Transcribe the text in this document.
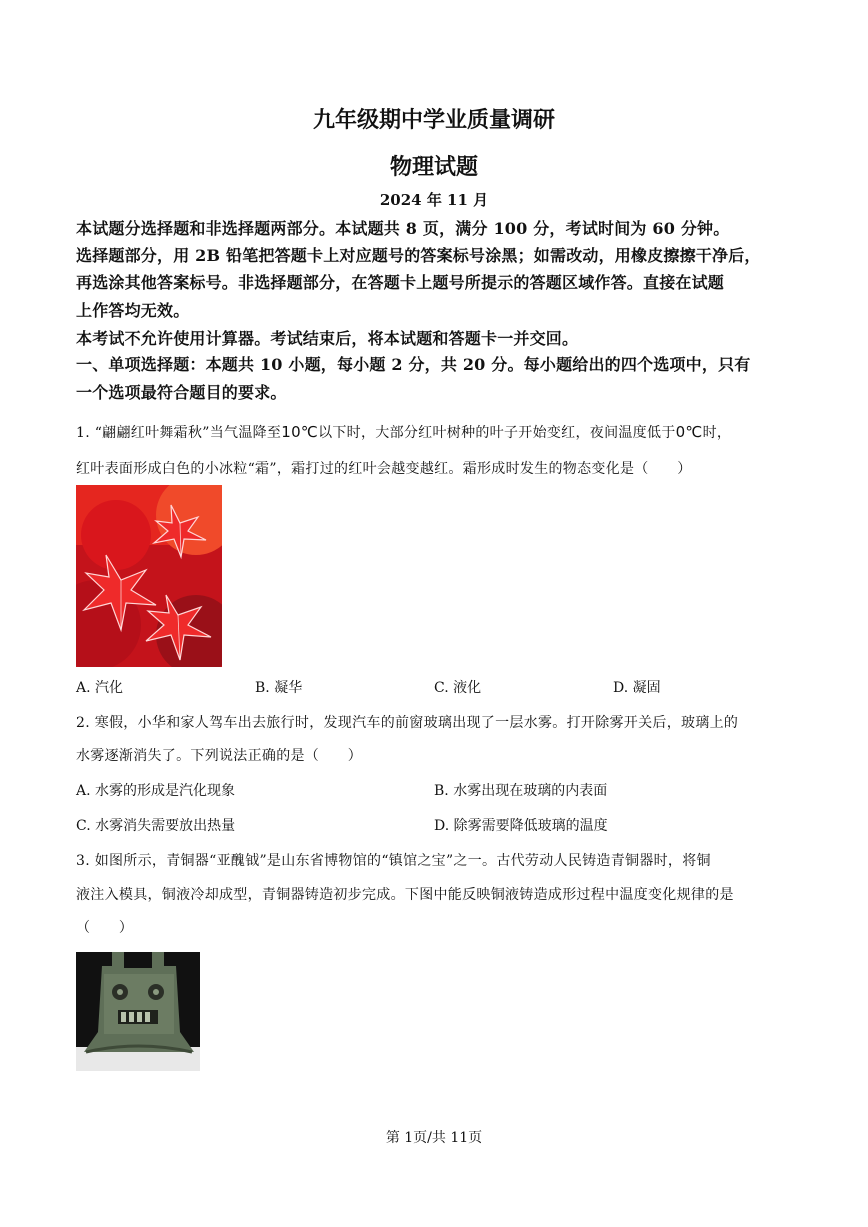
九年级期中学业质量调研
物理试题
2024 年 11 月
本试题分选择题和非选择题两部分。本试题共 8 页，满分 100 分，考试时间为 60 分钟。
选择题部分，用 2B 铅笔把答题卡上对应题号的答案标号涂黑；如需改动，用橡皮擦擦干净后，
再选涂其他答案标号。非选择题部分，在答题卡上题号所提示的答题区域作答。直接在试题
上作答均无效。
本考试不允许使用计算器。考试结束后，将本试题和答题卡一并交回。
一、单项选择题：本题共 10 小题，每小题 2 分，共 20 分。每小题给出的四个选项中，只有
一个选项最符合题目的要求。
1. “翩翩红叶舞霜秋”当气温降至10℃以下时，大部分红叶树种的叶子开始变红，夜间温度低于0℃时，
红叶表面形成白色的小冰粒“霜”，霜打过的红叶会越变越红。霜形成时发生的物态变化是（　　）
A. 汽化	B. 凝华	C. 液化	D. 凝固
2. 寒假，小华和家人驾车出去旅行时，发现汽车的前窗玻璃出现了一层水雾。打开除雾开关后，玻璃上的
水雾逐渐消失了。下列说法正确的是（　　）
A. 水雾的形成是汽化现象	B. 水雾出现在玻璃的内表面
C. 水雾消失需要放出热量	D. 除雾需要降低玻璃的温度
3. 如图所示，青铜器“亚醜钺”是山东省博物馆的“镇馆之宝”之一。古代劳动人民铸造青铜器时，将铜
液注入模具，铜液冷却成型，青铜器铸造初步完成。下图中能反映铜液铸造成形过程中温度变化规律的是
（　　）
第 1页/共 11页
